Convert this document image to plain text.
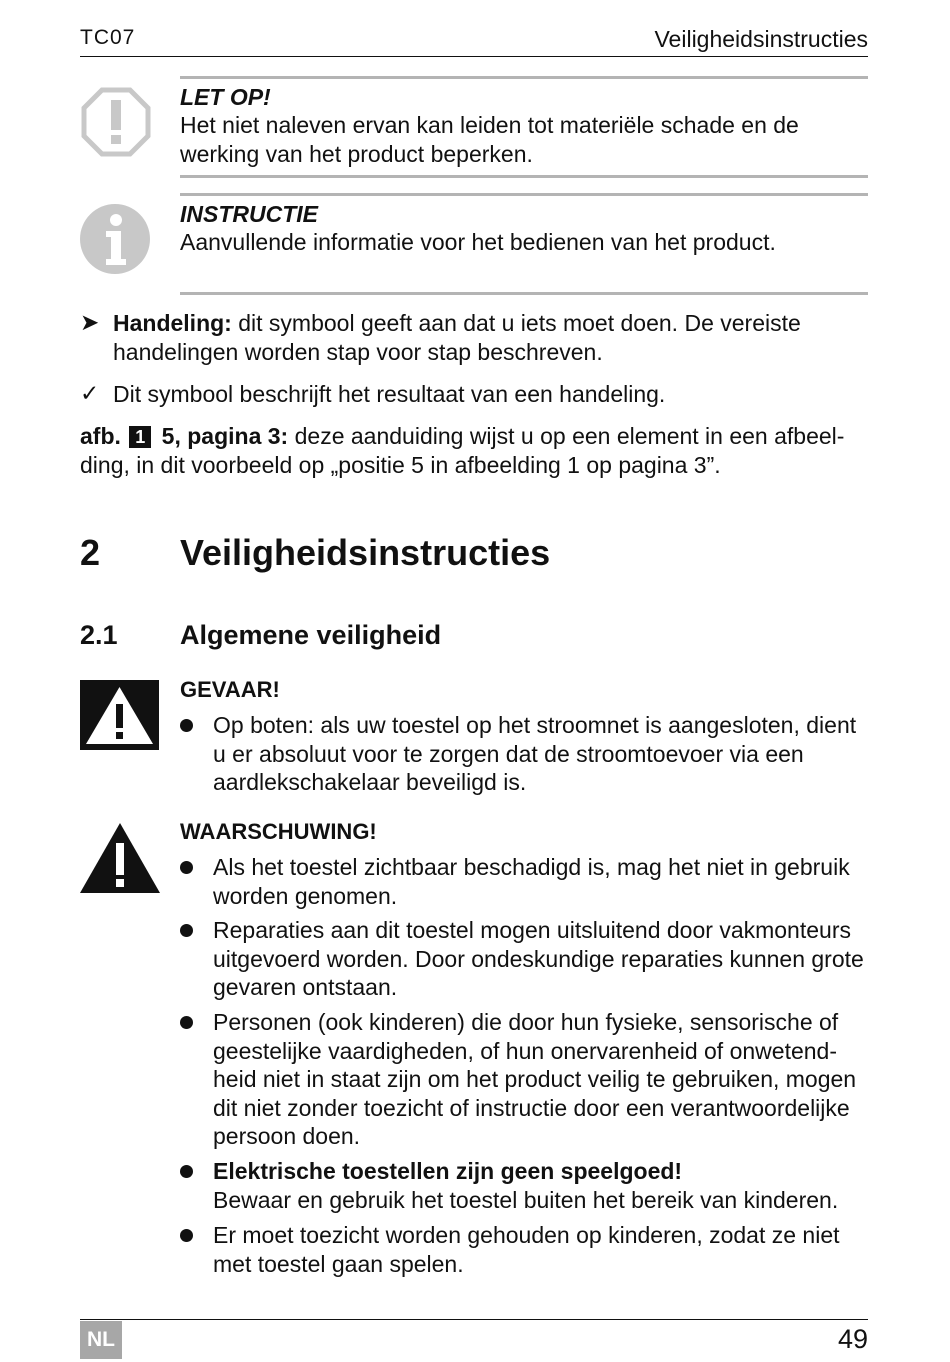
TC07	Veiligheidsinstructies
LET OP!
Het niet naleven ervan kan leiden tot materiële schade en de werking van het product beperken.
INSTRUCTIE
Aanvullende informatie voor het bedienen van het product.
➤ Handeling: dit symbool geeft aan dat u iets moet doen. De vereiste handelingen worden stap voor stap beschreven.
✓ Dit symbool beschrijft het resultaat van een handeling.
afb. 1 5, pagina 3: deze aanduiding wijst u op een element in een afbeel-ding, in dit voorbeeld op „positie 5 in afbeelding 1 op pagina 3”.
2 Veiligheidsinstructies
2.1 Algemene veiligheid
GEVAAR!
Op boten: als uw toestel op het stroomnet is aangesloten, dient u er absoluut voor te zorgen dat de stroomtoevoer via een aardlekschakelaar beveiligd is.
WAARSCHUWING!
Als het toestel zichtbaar beschadigd is, mag het niet in gebruik worden genomen.
Reparaties aan dit toestel mogen uitsluitend door vakmonteurs uitgevoerd worden. Door ondeskundige reparaties kunnen grote gevaren ontstaan.
Personen (ook kinderen) die door hun fysieke, sensorische of geestelijke vaardigheden, of hun onervarenheid of onwetend-heid niet in staat zijn om het product veilig te gebruiken, mogen dit niet zonder toezicht of instructie door een verantwoordelijke persoon doen.
Elektrische toestellen zijn geen speelgoed!
Bewaar en gebruik het toestel buiten het bereik van kinderen.
Er moet toezicht worden gehouden op kinderen, zodat ze niet met toestel gaan spelen.
NL	49
